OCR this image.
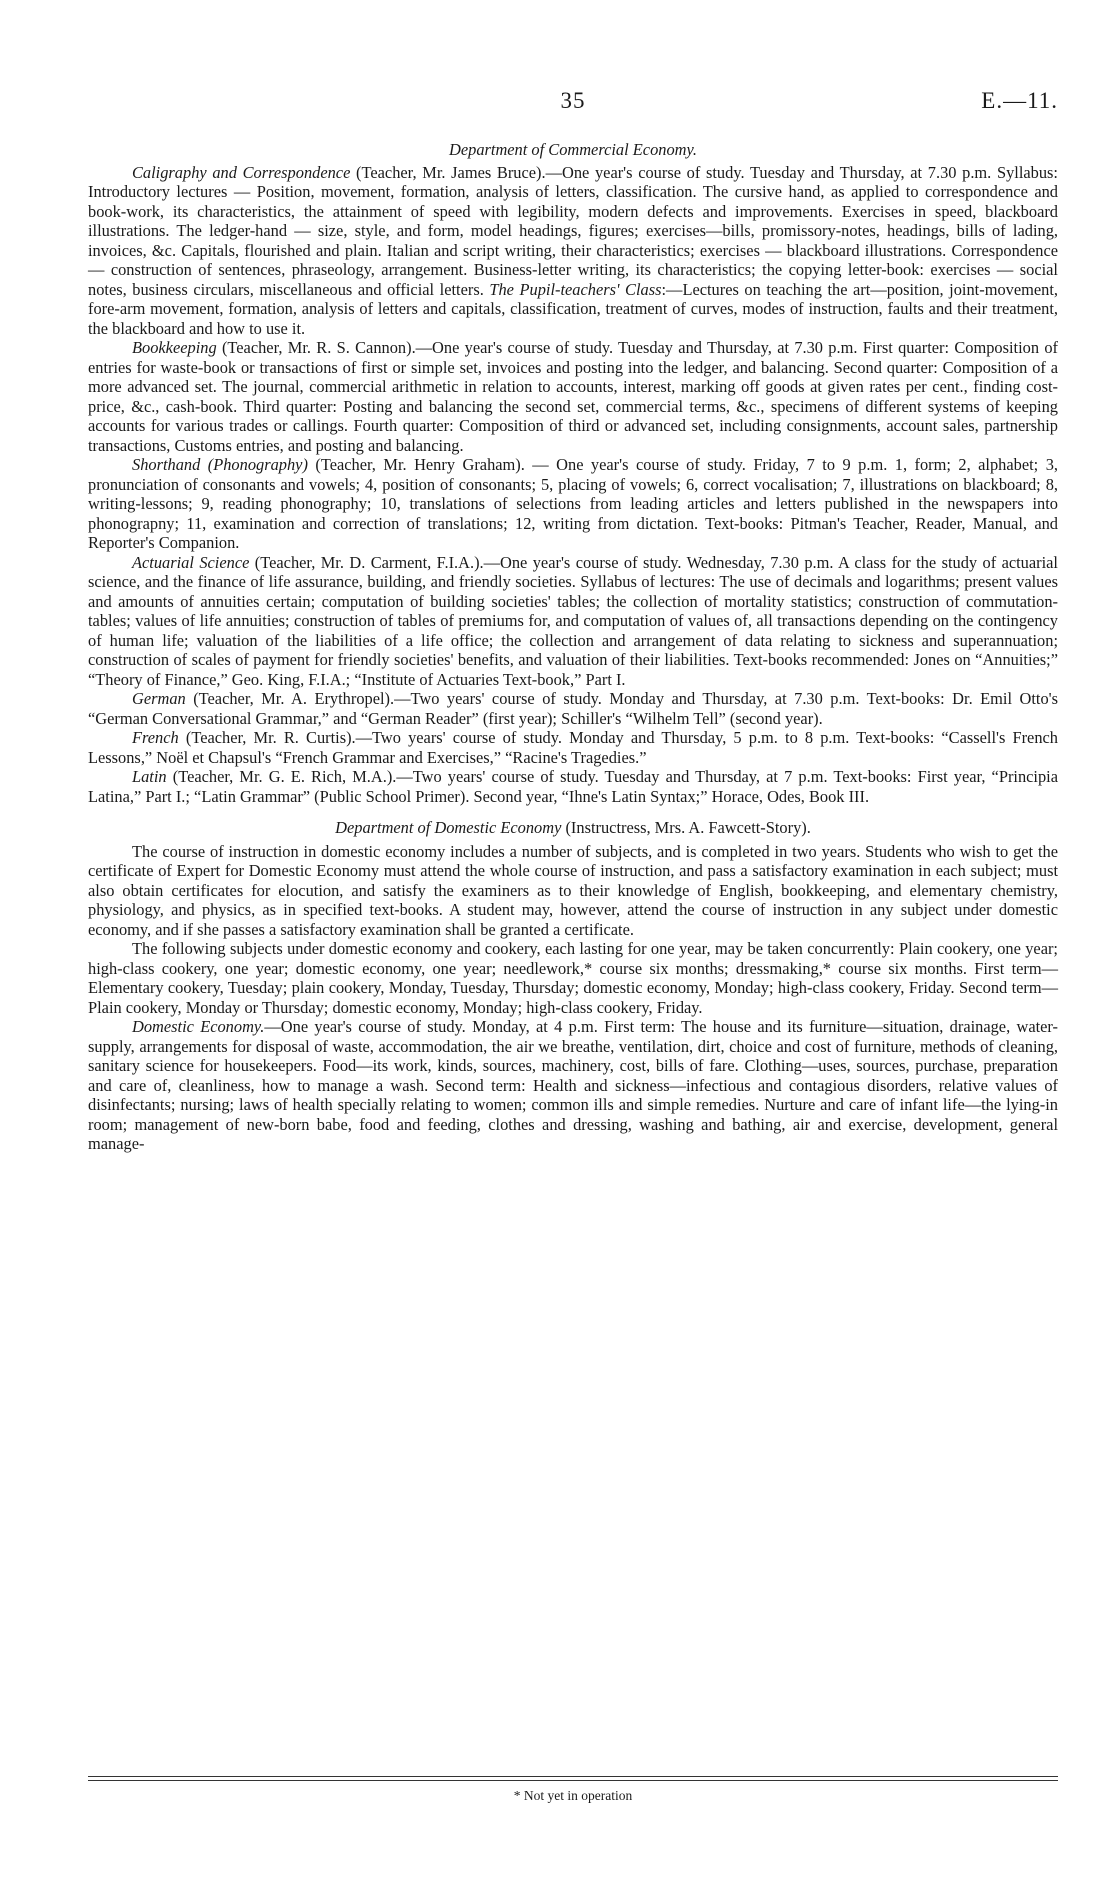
35	E.—11.
Department of Commercial Economy.

Caligraphy and Correspondence (Teacher, Mr. James Bruce).—One year's course of study. Tuesday and Thursday, at 7.30 p.m. Syllabus: Introductory lectures — Position, movement, formation, analysis of letters, classification. The cursive hand, as applied to correspondence and book-work, its characteristics, the attainment of speed with legibility, modern defects and improvements. Exercises in speed, blackboard illustrations. The ledger-hand — size, style, and form, model headings, figures; exercises—bills, promissory-notes, headings, bills of lading, invoices, &c. Capitals, flourished and plain. Italian and script writing, their characteristics; exercises — blackboard illustrations. Correspondence — construction of sentences, phraseology, arrangement. Business-letter writing, its characteristics; the copying letter-book: exercises — social notes, business circulars, miscellaneous and official letters. The Pupil-teachers' Class:—Lectures on teaching the art—position, joint-movement, fore-arm movement, formation, analysis of letters and capitals, classification, treatment of curves, modes of instruction, faults and their treatment, the blackboard and how to use it.

Bookkeeping (Teacher, Mr. R. S. Cannon).—One year's course of study. Tuesday and Thursday, at 7.30 p.m. First quarter: Composition of entries for waste-book or transactions of first or simple set, invoices and posting into the ledger, and balancing. Second quarter: Composition of a more advanced set. The journal, commercial arithmetic in relation to accounts, interest, marking off goods at given rates per cent., finding cost-price, &c., cash-book. Third quarter: Posting and balancing the second set, commercial terms, &c., specimens of different systems of keeping accounts for various trades or callings. Fourth quarter: Composition of third or advanced set, including consignments, account sales, partnership transactions, Customs entries, and posting and balancing.

Shorthand (Phonography) (Teacher, Mr. Henry Graham). — One year's course of study. Friday, 7 to 9 p.m. 1, form; 2, alphabet; 3, pronunciation of consonants and vowels; 4, position of consonants; 5, placing of vowels; 6, correct vocalisation; 7, illustrations on blackboard; 8, writing-lessons; 9, reading phonography; 10, translations of selections from leading articles and letters published in the newspapers into phonograpny; 11, examination and correction of translations; 12, writing from dictation. Text-books: Pitman's Teacher, Reader, Manual, and Reporter's Companion.

Actuarial Science (Teacher, Mr. D. Carment, F.I.A.).—One year's course of study. Wednesday, 7.30 p.m. A class for the study of actuarial science, and the finance of life assurance, building, and friendly societies. Syllabus of lectures: The use of decimals and logarithms; present values and amounts of annuities certain; computation of building societies' tables; the collection of mortality statistics; construction of commutation-tables; values of life annuities; construction of tables of premiums for, and computation of values of, all transactions depending on the contingency of human life; valuation of the liabilities of a life office; the collection and arrangement of data relating to sickness and superannuation; construction of scales of payment for friendly societies' benefits, and valuation of their liabilities. Text-books recommended: Jones on “Annuities;” “Theory of Finance,” Geo. King, F.I.A.; “Institute of Actuaries Text-book,” Part I.

German (Teacher, Mr. A. Erythropel).—Two years' course of study. Monday and Thursday, at 7.30 p.m. Text-books: Dr. Emil Otto's “German Conversational Grammar,” and “German Reader” (first year); Schiller's “Wilhelm Tell” (second year).

French (Teacher, Mr. R. Curtis).—Two years' course of study. Monday and Thursday, 5 p.m. to 8 p.m. Text-books: “Cassell's French Lessons,” Noël et Chapsul's “French Grammar and Exercises,” “Racine's Tragedies.”

Latin (Teacher, Mr. G. E. Rich, M.A.).—Two years' course of study. Tuesday and Thursday, at 7 p.m. Text-books: First year, “Principia Latina,” Part I.; “Latin Grammar” (Public School Primer). Second year, “Ihne's Latin Syntax;” Horace, Odes, Book III.

Department of Domestic Economy (Instructress, Mrs. A. Fawcett-Story).

The course of instruction in domestic economy includes a number of subjects, and is completed in two years. Students who wish to get the certificate of Expert for Domestic Economy must attend the whole course of instruction, and pass a satisfactory examination in each subject; must also obtain certificates for elocution, and satisfy the examiners as to their knowledge of English, bookkeeping, and elementary chemistry, physiology, and physics, as in specified text-books. A student may, however, attend the course of instruction in any subject under domestic economy, and if she passes a satisfactory examination shall be granted a certificate.

The following subjects under domestic economy and cookery, each lasting for one year, may be taken concurrently: Plain cookery, one year; high-class cookery, one year; domestic economy, one year; needlework,* course six months; dressmaking,* course six months. First term—Elementary cookery, Tuesday; plain cookery, Monday, Tuesday, Thursday; domestic economy, Monday; high-class cookery, Friday. Second term—Plain cookery, Monday or Thursday; domestic economy, Monday; high-class cookery, Friday.

Domestic Economy.—One year's course of study. Monday, at 4 p.m. First term: The house and its furniture—situation, drainage, water-supply, arrangements for disposal of waste, accommodation, the air we breathe, ventilation, dirt, choice and cost of furniture, methods of cleaning, sanitary science for housekeepers. Food—its work, kinds, sources, machinery, cost, bills of fare. Clothing—uses, sources, purchase, preparation and care of, cleanliness, how to manage a wash. Second term: Health and sickness—infectious and contagious disorders, relative values of disinfectants; nursing; laws of health specially relating to women; common ills and simple remedies. Nurture and care of infant life—the lying-in room; management of new-born babe, food and feeding, clothes and dressing, washing and bathing, air and exercise, development, general manage-

* Not yet in operation
